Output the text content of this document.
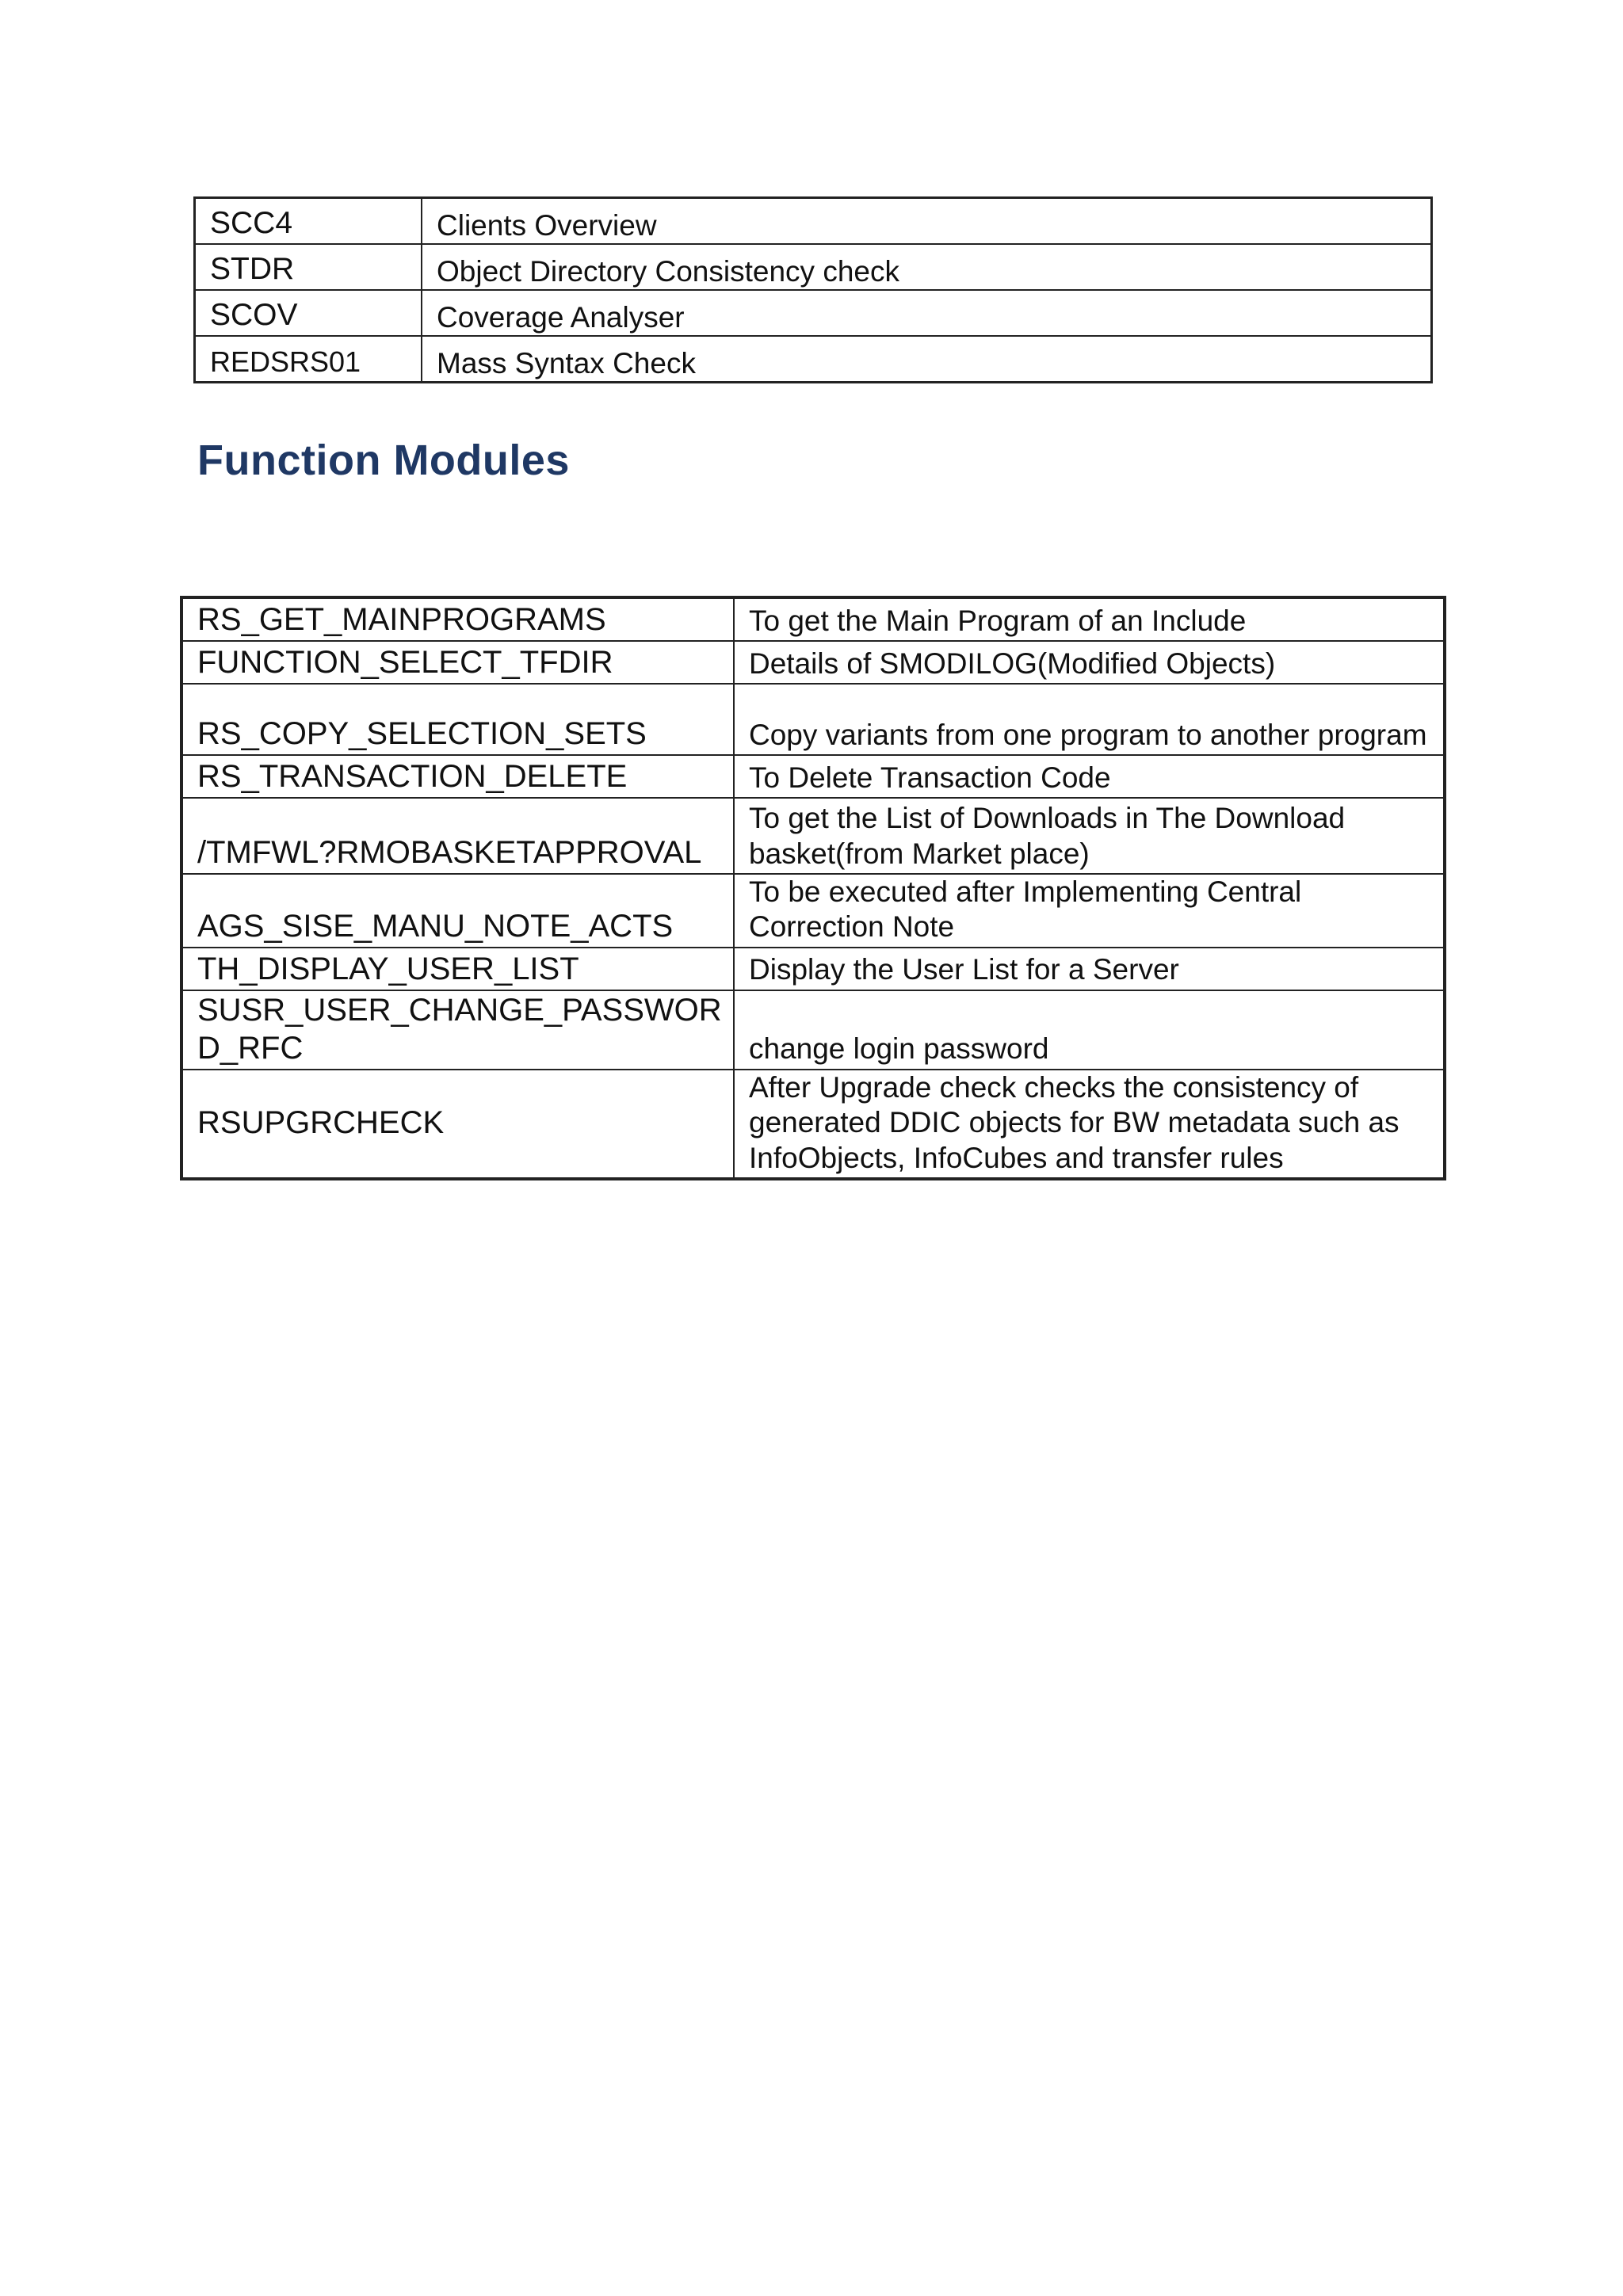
SCC4	Clients Overview
STDR	Object Directory Consistency check
SCOV	Coverage Analyser
REDSRS01	Mass Syntax Check
Function Modules
RS_GET_MAINPROGRAMS	To get the Main Program of an Include
FUNCTION_SELECT_TFDIR	Details of SMODILOG(Modified Objects)
RS_COPY_SELECTION_SETS	Copy variants from one program to another program
RS_TRANSACTION_DELETE	To Delete Transaction Code
/TMFWL?RMOBASKETAPPROVAL	To get the List of Downloads in The Download basket(from Market place)
AGS_SISE_MANU_NOTE_ACTS	To be executed after Implementing Central Correction Note
TH_DISPLAY_USER_LIST	Display the User List for a Server
SUSR_USER_CHANGE_PASSWORD_RFC	change login password
RSUPGRCHECK	After Upgrade check checks the consistency of generated DDIC objects for BW metadata such as InfoObjects, InfoCubes and transfer rules
